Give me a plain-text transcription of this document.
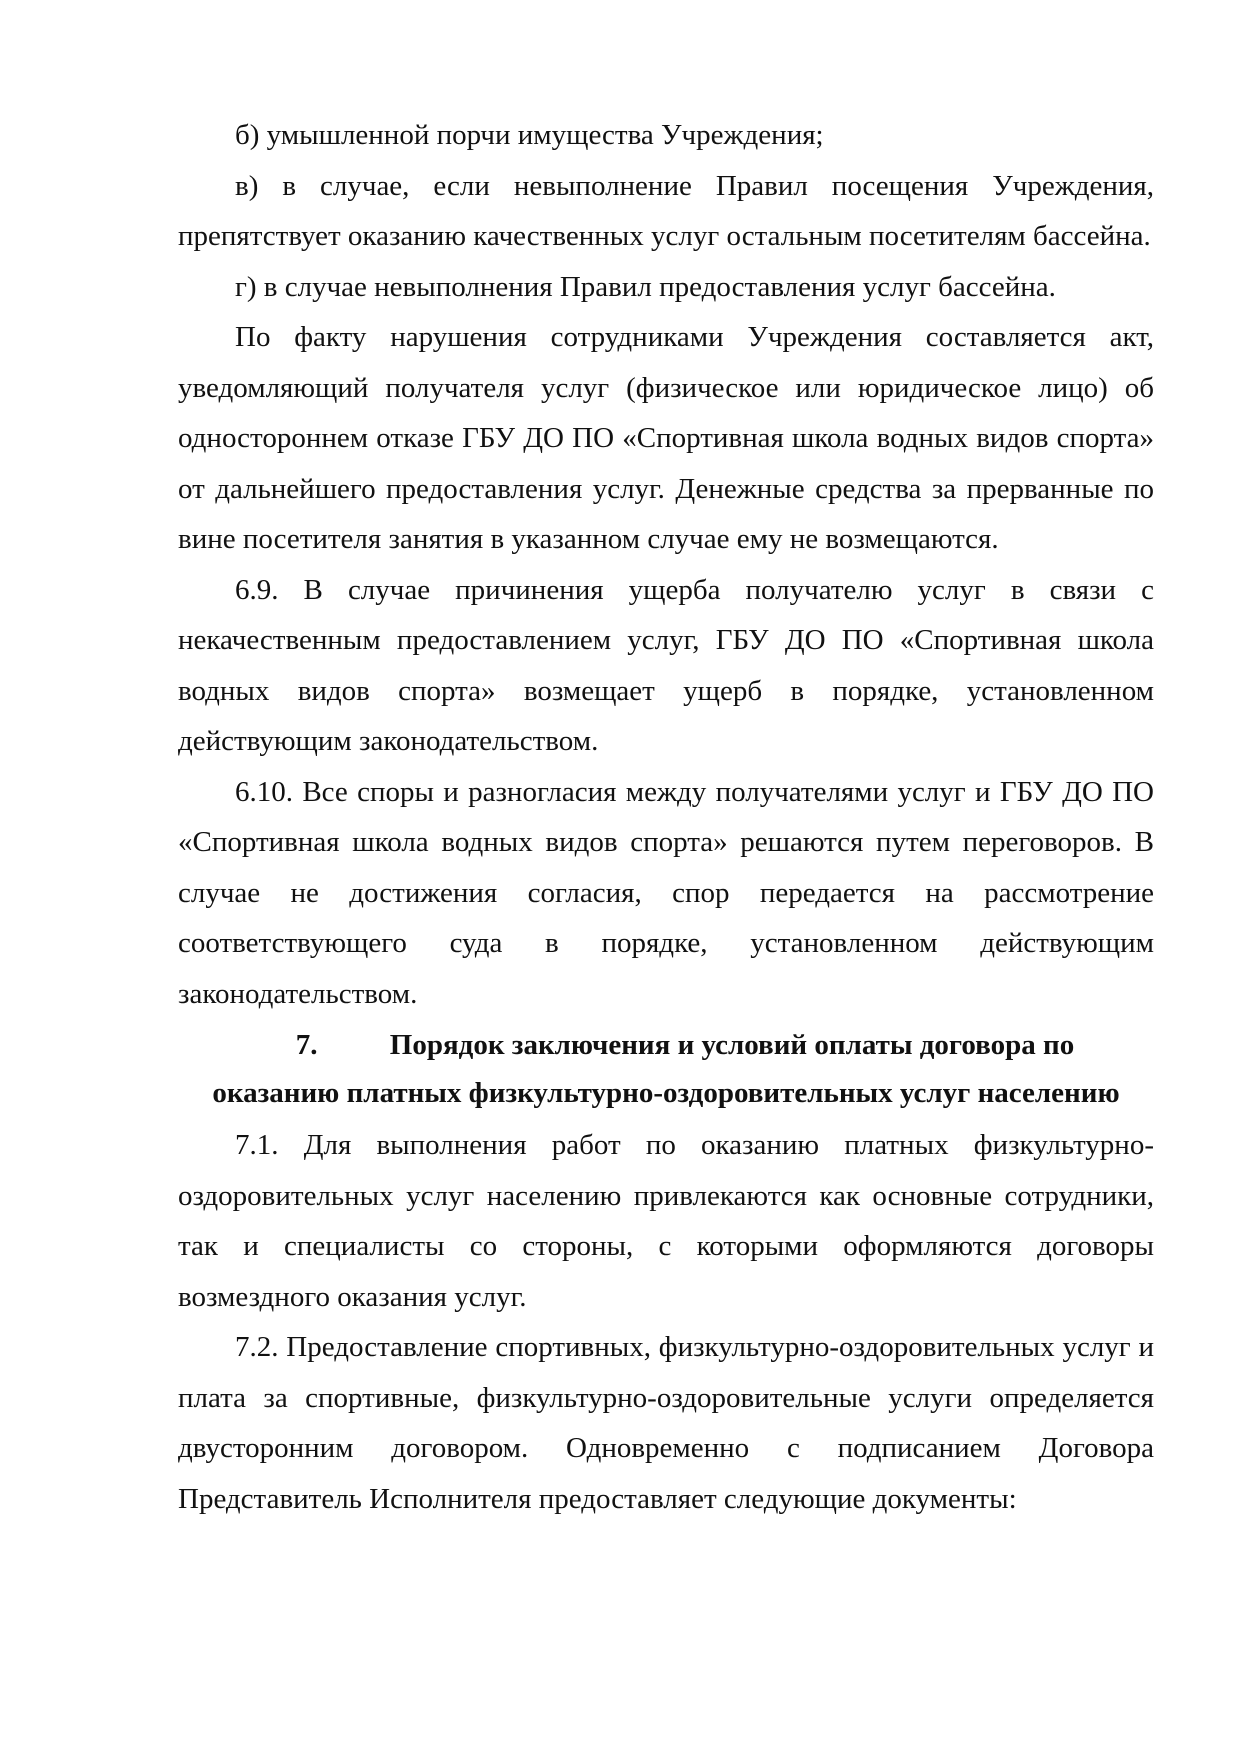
б) умышленной порчи имущества Учреждения;

в) в случае, если невыполнение Правил посещения Учреждения, препятствует оказанию качественных услуг остальным посетителям бассейна.

г) в случае невыполнения Правил предоставления услуг бассейна.

По факту нарушения сотрудниками Учреждения составляется акт, уведомляющий получателя услуг (физическое или юридическое лицо) об одностороннем отказе ГБУ ДО ПО «Спортивная школа водных видов спорта» от дальнейшего предоставления услуг. Денежные средства за прерванные по вине посетителя занятия в указанном случае ему не возмещаются.

6.9. В случае причинения ущерба получателю услуг в связи с некачественным предоставлением услуг, ГБУ ДО ПО «Спортивная школа водных видов спорта» возмещает ущерб в порядке, установленном действующим законодательством.

6.10. Все споры и разногласия между получателями услуг и ГБУ ДО ПО «Спортивная школа водных видов спорта» решаются путем переговоров. В случае не достижения согласия, спор передается на рассмотрение соответствующего суда в порядке, установленном действующим законодательством.

7. Порядок заключения и условий оплаты договора по
оказанию платных физкультурно-оздоровительных услуг населению

7.1. Для выполнения работ по оказанию платных физкультурно-оздоровительных услуг населению привлекаются как основные сотрудники, так и специалисты со стороны, с которыми оформляются договоры возмездного оказания услуг.

7.2. Предоставление спортивных, физкультурно-оздоровительных услуг и плата за спортивные, физкультурно-оздоровительные услуги определяется двусторонним договором. Одновременно с подписанием Договора Представитель Исполнителя предоставляет следующие документы:
